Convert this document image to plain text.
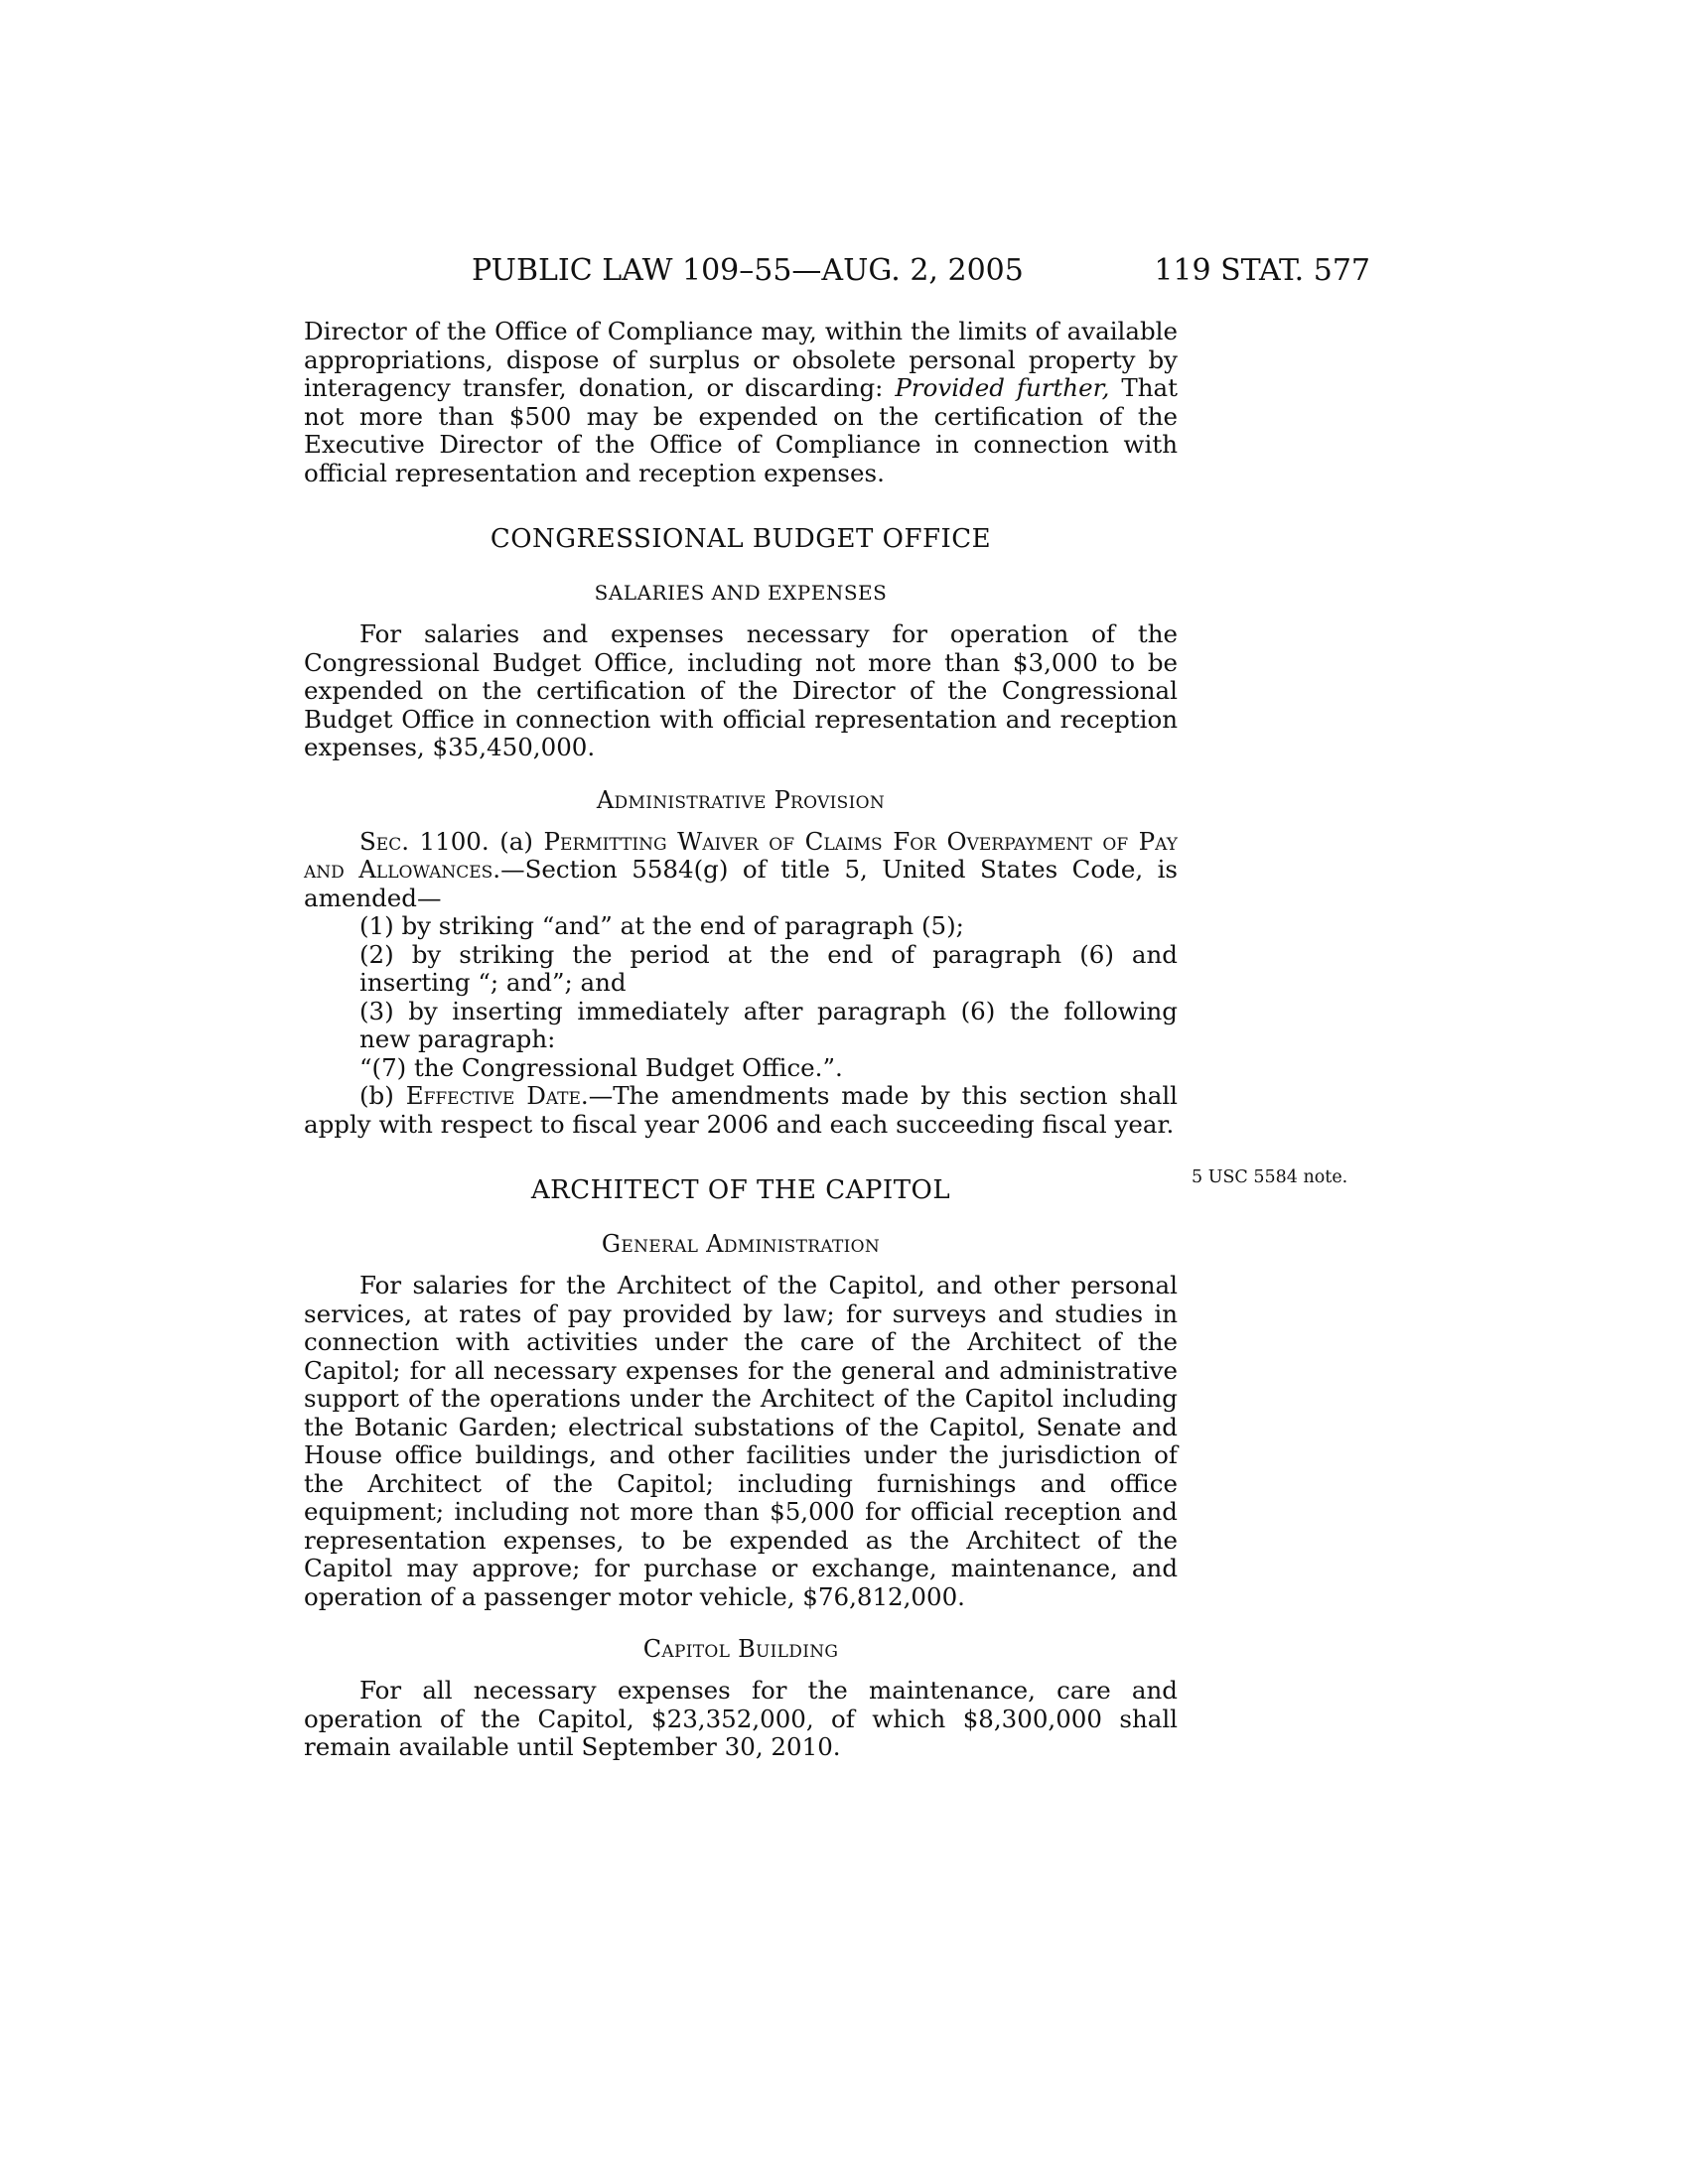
PUBLIC LAW 109–55—AUG. 2, 2005	119 STAT. 577

Director of the Office of Compliance may, within the limits of available appropriations, dispose of surplus or obsolete personal property by interagency transfer, donation, or discarding: Provided further, That not more than $500 may be expended on the certification of the Executive Director of the Office of Compliance in connection with official representation and reception expenses.

CONGRESSIONAL BUDGET OFFICE
SALARIES AND EXPENSES

For salaries and expenses necessary for operation of the Congressional Budget Office, including not more than $3,000 to be expended on the certification of the Director of the Congressional Budget Office in connection with official representation and reception expenses, $35,450,000.

Administrative Provision

Sec. 1100. (a) Permitting Waiver of Claims For Overpayment of Pay and Allowances.—Section 5584(g) of title 5, United States Code, is amended—

(1) by striking “and” at the end of paragraph (5);

(2) by striking the period at the end of paragraph (6) and inserting “; and”; and

(3) by inserting immediately after paragraph (6) the following new paragraph:

“(7) the Congressional Budget Office.”.

(b) Effective Date.—The amendments made by this section shall apply with respect to fiscal year 2006 and each succeeding fiscal year.

ARCHITECT OF THE CAPITOL
General Administration

For salaries for the Architect of the Capitol, and other personal services, at rates of pay provided by law; for surveys and studies in connection with activities under the care of the Architect of the Capitol; for all necessary expenses for the general and administrative support of the operations under the Architect of the Capitol including the Botanic Garden; electrical substations of the Capitol, Senate and House office buildings, and other facilities under the jurisdiction of the Architect of the Capitol; including furnishings and office equipment; including not more than $5,000 for official reception and representation expenses, to be expended as the Architect of the Capitol may approve; for purchase or exchange, maintenance, and operation of a passenger motor vehicle, $76,812,000.

Capitol Building

For all necessary expenses for the maintenance, care and operation of the Capitol, $23,352,000, of which $8,300,000 shall remain available until September 30, 2010.

5 USC 5584 note.
